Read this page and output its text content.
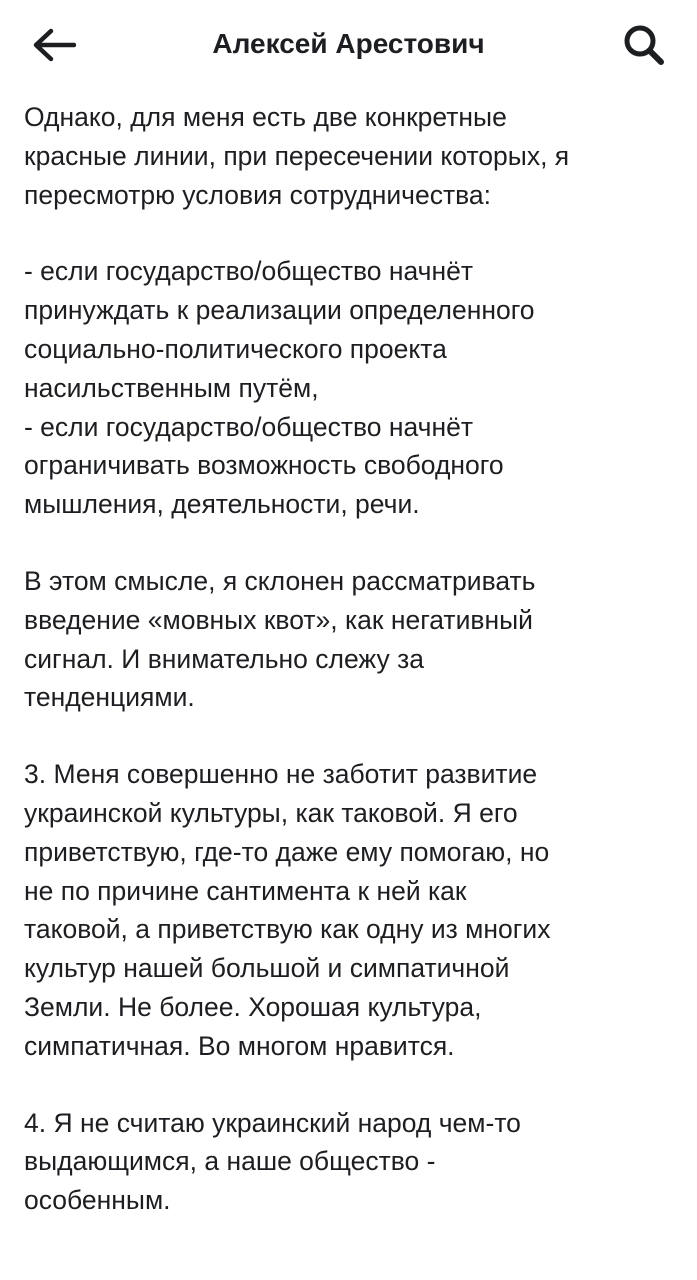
Алексей Арестович

Однако, для меня есть две конкретные
красные линии, при пересечении которых, я
пересмотрю условия сотрудничества:

- если государство/общество начнёт
принуждать к реализации определенного
социально-политического проекта
насильственным путём,
- если государство/общество начнёт
ограничивать возможность свободного
мышления, деятельности, речи.

В этом смысле, я склонен рассматривать
введение «мовных квот», как негативный
сигнал. И внимательно слежу за
тенденциями.

3. Меня совершенно не заботит развитие
украинской культуры, как таковой. Я его
приветствую, где-то даже ему помогаю, но
не по причине сантимента к ней как
таковой, а приветствую как одну из многих
культур нашей большой и симпатичной
Земли. Не более. Хорошая культура,
симпатичная. Во многом нравится.

4. Я не считаю украинский народ чем-то
выдающимся, а наше общество -
особенным.
